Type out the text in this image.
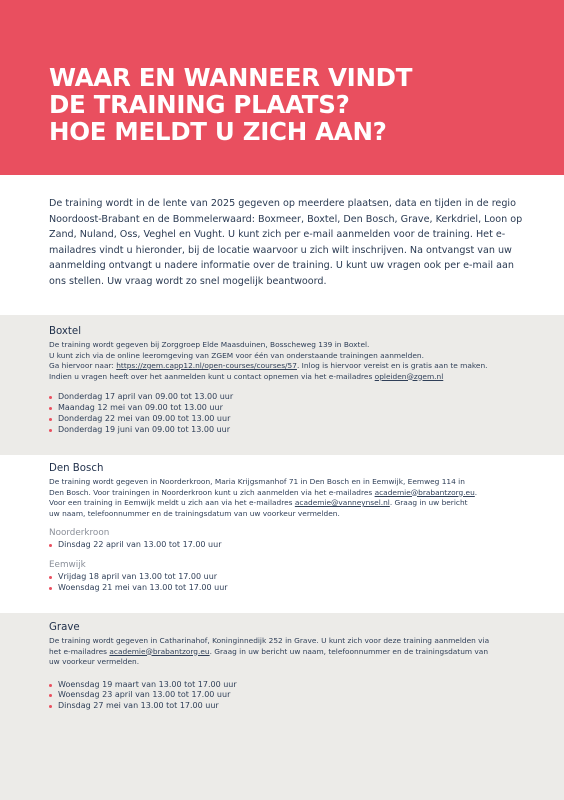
WAAR EN WANNEER VINDT
DE TRAINING PLAATS?
HOE MELDT U ZICH AAN?

De training wordt in de lente van 2025 gegeven op meerdere plaatsen, data en tijden in de regio Noordoost-Brabant en de Bommelerwaard: Boxmeer, Boxtel, Den Bosch, Grave, Kerkdriel, Loon op Zand, Nuland, Oss, Veghel en Vught. U kunt zich per e-mail aanmelden voor de training. Het e-mailadres vindt u hieronder, bij de locatie waarvoor u zich wilt inschrijven. Na ontvangst van uw aanmelding ontvangt u nadere informatie over de training. U kunt uw vragen ook per e-mail aan ons stellen. Uw vraag wordt zo snel mogelijk beantwoord.

Boxtel

De training wordt gegeven bij Zorggroep Elde Maasduinen, Bosscheweg 139 in Boxtel.

U kunt zich via de online leeromgeving van ZGEM voor één van onderstaande trainingen aanmelden.

Ga hiervoor naar: https://zgem.capp12.nl/open-courses/courses/57. Inlog is hiervoor vereist en is gratis aan te maken.

Indien u vragen heeft over het aanmelden kunt u contact opnemen via het e-mailadres opleiden@zgem.nl

Donderdag 17 april van 09.00 tot 13.00 uur
Maandag 12 mei van 09.00 tot 13.00 uur
Donderdag 22 mei van 09.00 tot 13.00 uur
Donderdag 19 juni van 09.00 tot 13.00 uur
Den Bosch

De training wordt gegeven in Noorderkroon, Maria Krijgsmanhof 71 in Den Bosch en in Eemwijk, Eemweg 114 in

Den Bosch. Voor trainingen in Noorderkroon kunt u zich aanmelden via het e-mailadres academie@brabantzorg.eu.

Voor een training in Eemwijk meldt u zich aan via het e-mailadres academie@vanneynsel.nl. Graag in uw bericht

uw naam, telefoonnummer en de trainingsdatum van uw voorkeur vermelden.

Noorderkroon
Dinsdag 22 april van 13.00 tot 17.00 uur
Eemwijk
Vrijdag 18 april van 13.00 tot 17.00 uur
Woensdag 21 mei van 13.00 tot 17.00 uur
Grave

De training wordt gegeven in Catharinahof, Koninginnedijk 252 in Grave. U kunt zich voor deze training aanmelden via

het e-mailadres academie@brabantzorg.eu. Graag in uw bericht uw naam, telefoonnummer en de trainingsdatum van

uw voorkeur vermelden.

Woensdag 19 maart van 13.00 tot 17.00 uur
Woensdag 23 april van 13.00 tot 17.00 uur
Dinsdag 27 mei van 13.00 tot 17.00 uur
